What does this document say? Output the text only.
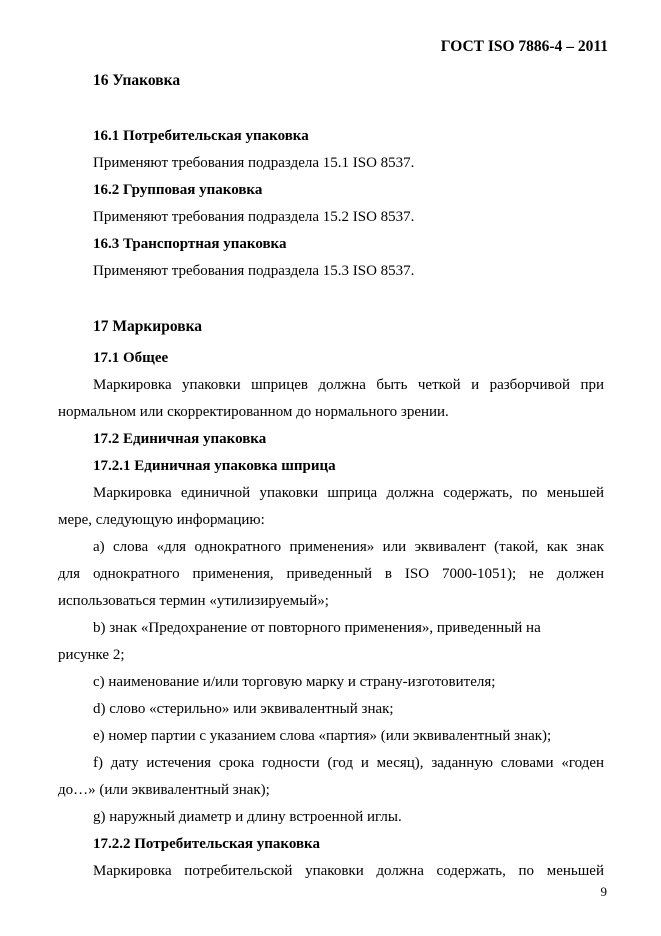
ГОСТ ISO 7886-4 – 2011
16 Упаковка
16.1 Потребительская упаковка
Применяют требования подраздела 15.1 ISO 8537.
16.2 Групповая упаковка
Применяют требования подраздела 15.2 ISO 8537.
16.3 Транспортная упаковка
Применяют требования подраздела 15.3 ISO 8537.
17 Маркировка
17.1 Общее
Маркировка упаковки шприцев должна быть четкой и разборчивой при
нормальном или скорректированном до нормального зрении.
17.2 Единичная упаковка
17.2.1 Единичная упаковка шприца
Маркировка единичной упаковки шприца должна содержать, по меньшей
мере, следующую информацию:
а) слова «для однократного применения» или эквивалент (такой, как знак
для однократного применения, приведенный в ISO 7000-1051); не должен
использоваться термин «утилизируемый»;
b) знак «Предохранение от повторного применения», приведенный на
рисунке 2;
c) наименование и/или торговую марку и страну-изготовителя;
d) слово «стерильно» или эквивалентный знак;
e) номер партии с указанием слова «партия» (или эквивалентный знак);
f) дату истечения срока годности (год и месяц), заданную словами «годен
до…» (или эквивалентный знак);
g) наружный диаметр и длину встроенной иглы.
17.2.2 Потребительская упаковка
Маркировка потребительской упаковки должна содержать, по меньшей
9
